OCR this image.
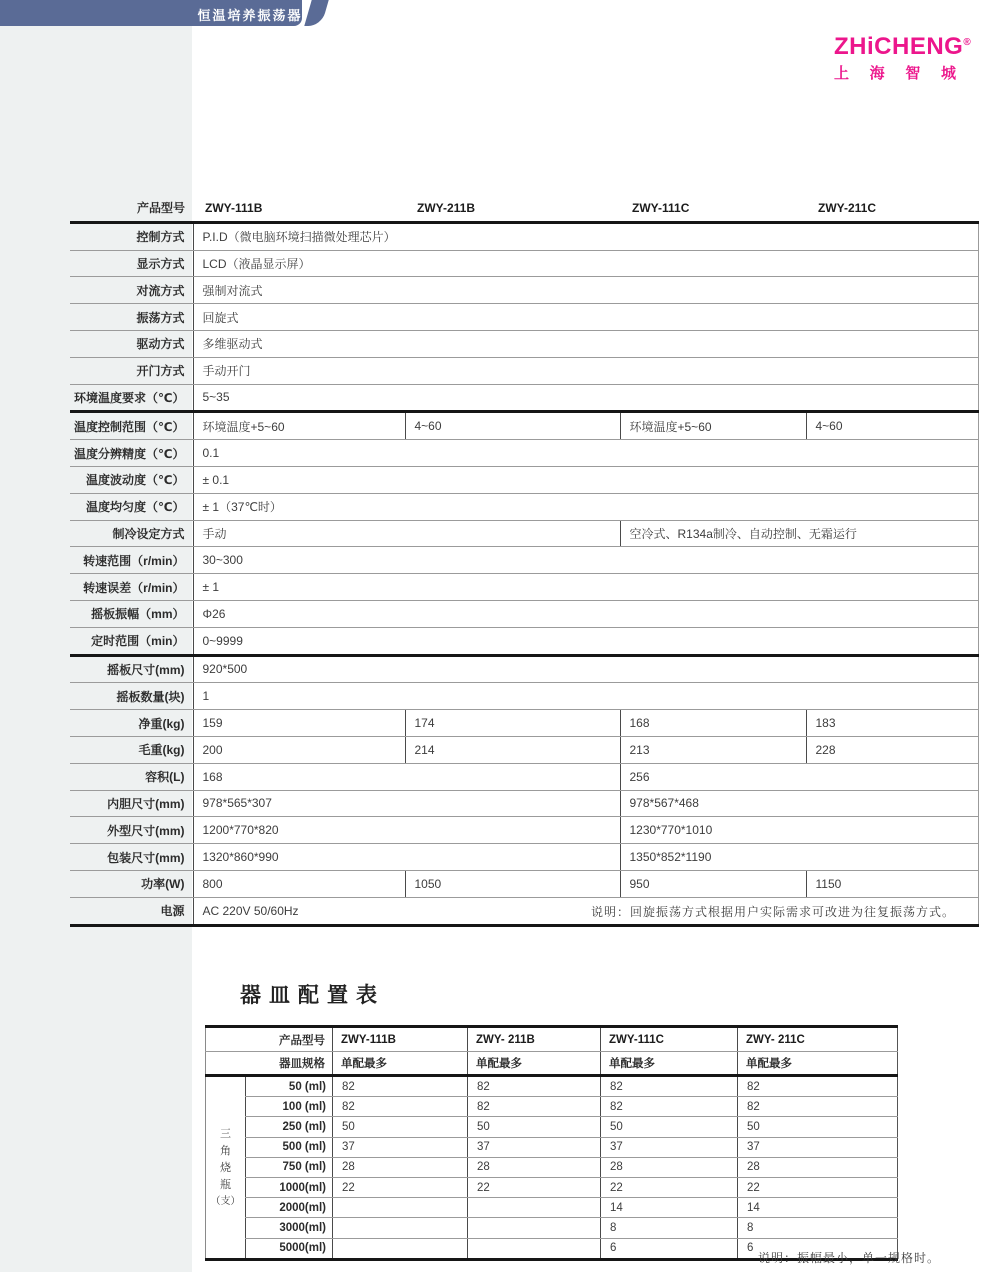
恒温培养振荡器
ZHiCHENG®
上 海 智 城
产品型号	ZWY-111B	ZWY-211B	ZWY-111C	ZWY-211C
控制方式	P.I.D（微电脑环境扫描微处理芯片）			
显示方式	LCD（液晶显示屏）			
对流方式	强制对流式			
振荡方式	回旋式			
驱动方式	多维驱动式			
开门方式	手动开门			
环境温度要求（℃）	5~35			
温度控制范围（℃）	环境温度+5~60	4~60	环境温度+5~60	4~60
温度分辨精度（℃）	0.1			
温度波动度（℃）	± 0.1			
温度均匀度（℃）	± 1（37℃时）			
制冷设定方式	手动		空冷式、R134a制冷、自动控制、无霜运行	
转速范围（r/min）	30~300			
转速误差（r/min）	± 1			
摇板振幅（mm）	Φ26			
定时范围（min）	0~9999			
摇板尺寸(mm)	920*500			
摇板数量(块)	1			
净重(kg)	159	174	168	183
毛重(kg)	200	214	213	228
容积(L)	168		256	
内胆尺寸(mm)	978*565*307		978*567*468	
外型尺寸(mm)	1200*770*820		1230*770*1010	
包装尺寸(mm)	1320*860*990		1350*852*1190	
功率(W)	800	1050	950	1150
电源	AC 220V 50/60Hz				说明：回旋振荡方式根据用户实际需求可改进为往复振荡方式。
器皿配置表
产品型号		ZWY-111B	ZWY- 211B	ZWY-111C	ZWY- 211C
器皿规格		单配最多	单配最多	单配最多	单配最多

三
角
烧
瓶
（支）	50 (ml)	82	82	82	82
	100 (ml)	82	82	82	82
	250 (ml)	50	50	50	50
	500 (ml)	37	37	37	37
	750 (ml)	28	28	28	28
	1000(ml)	22	22	22	22
	2000(ml)			14	14
	3000(ml)			8	8
	5000(ml)			6	6
说明：振幅最小，单一规格时。
